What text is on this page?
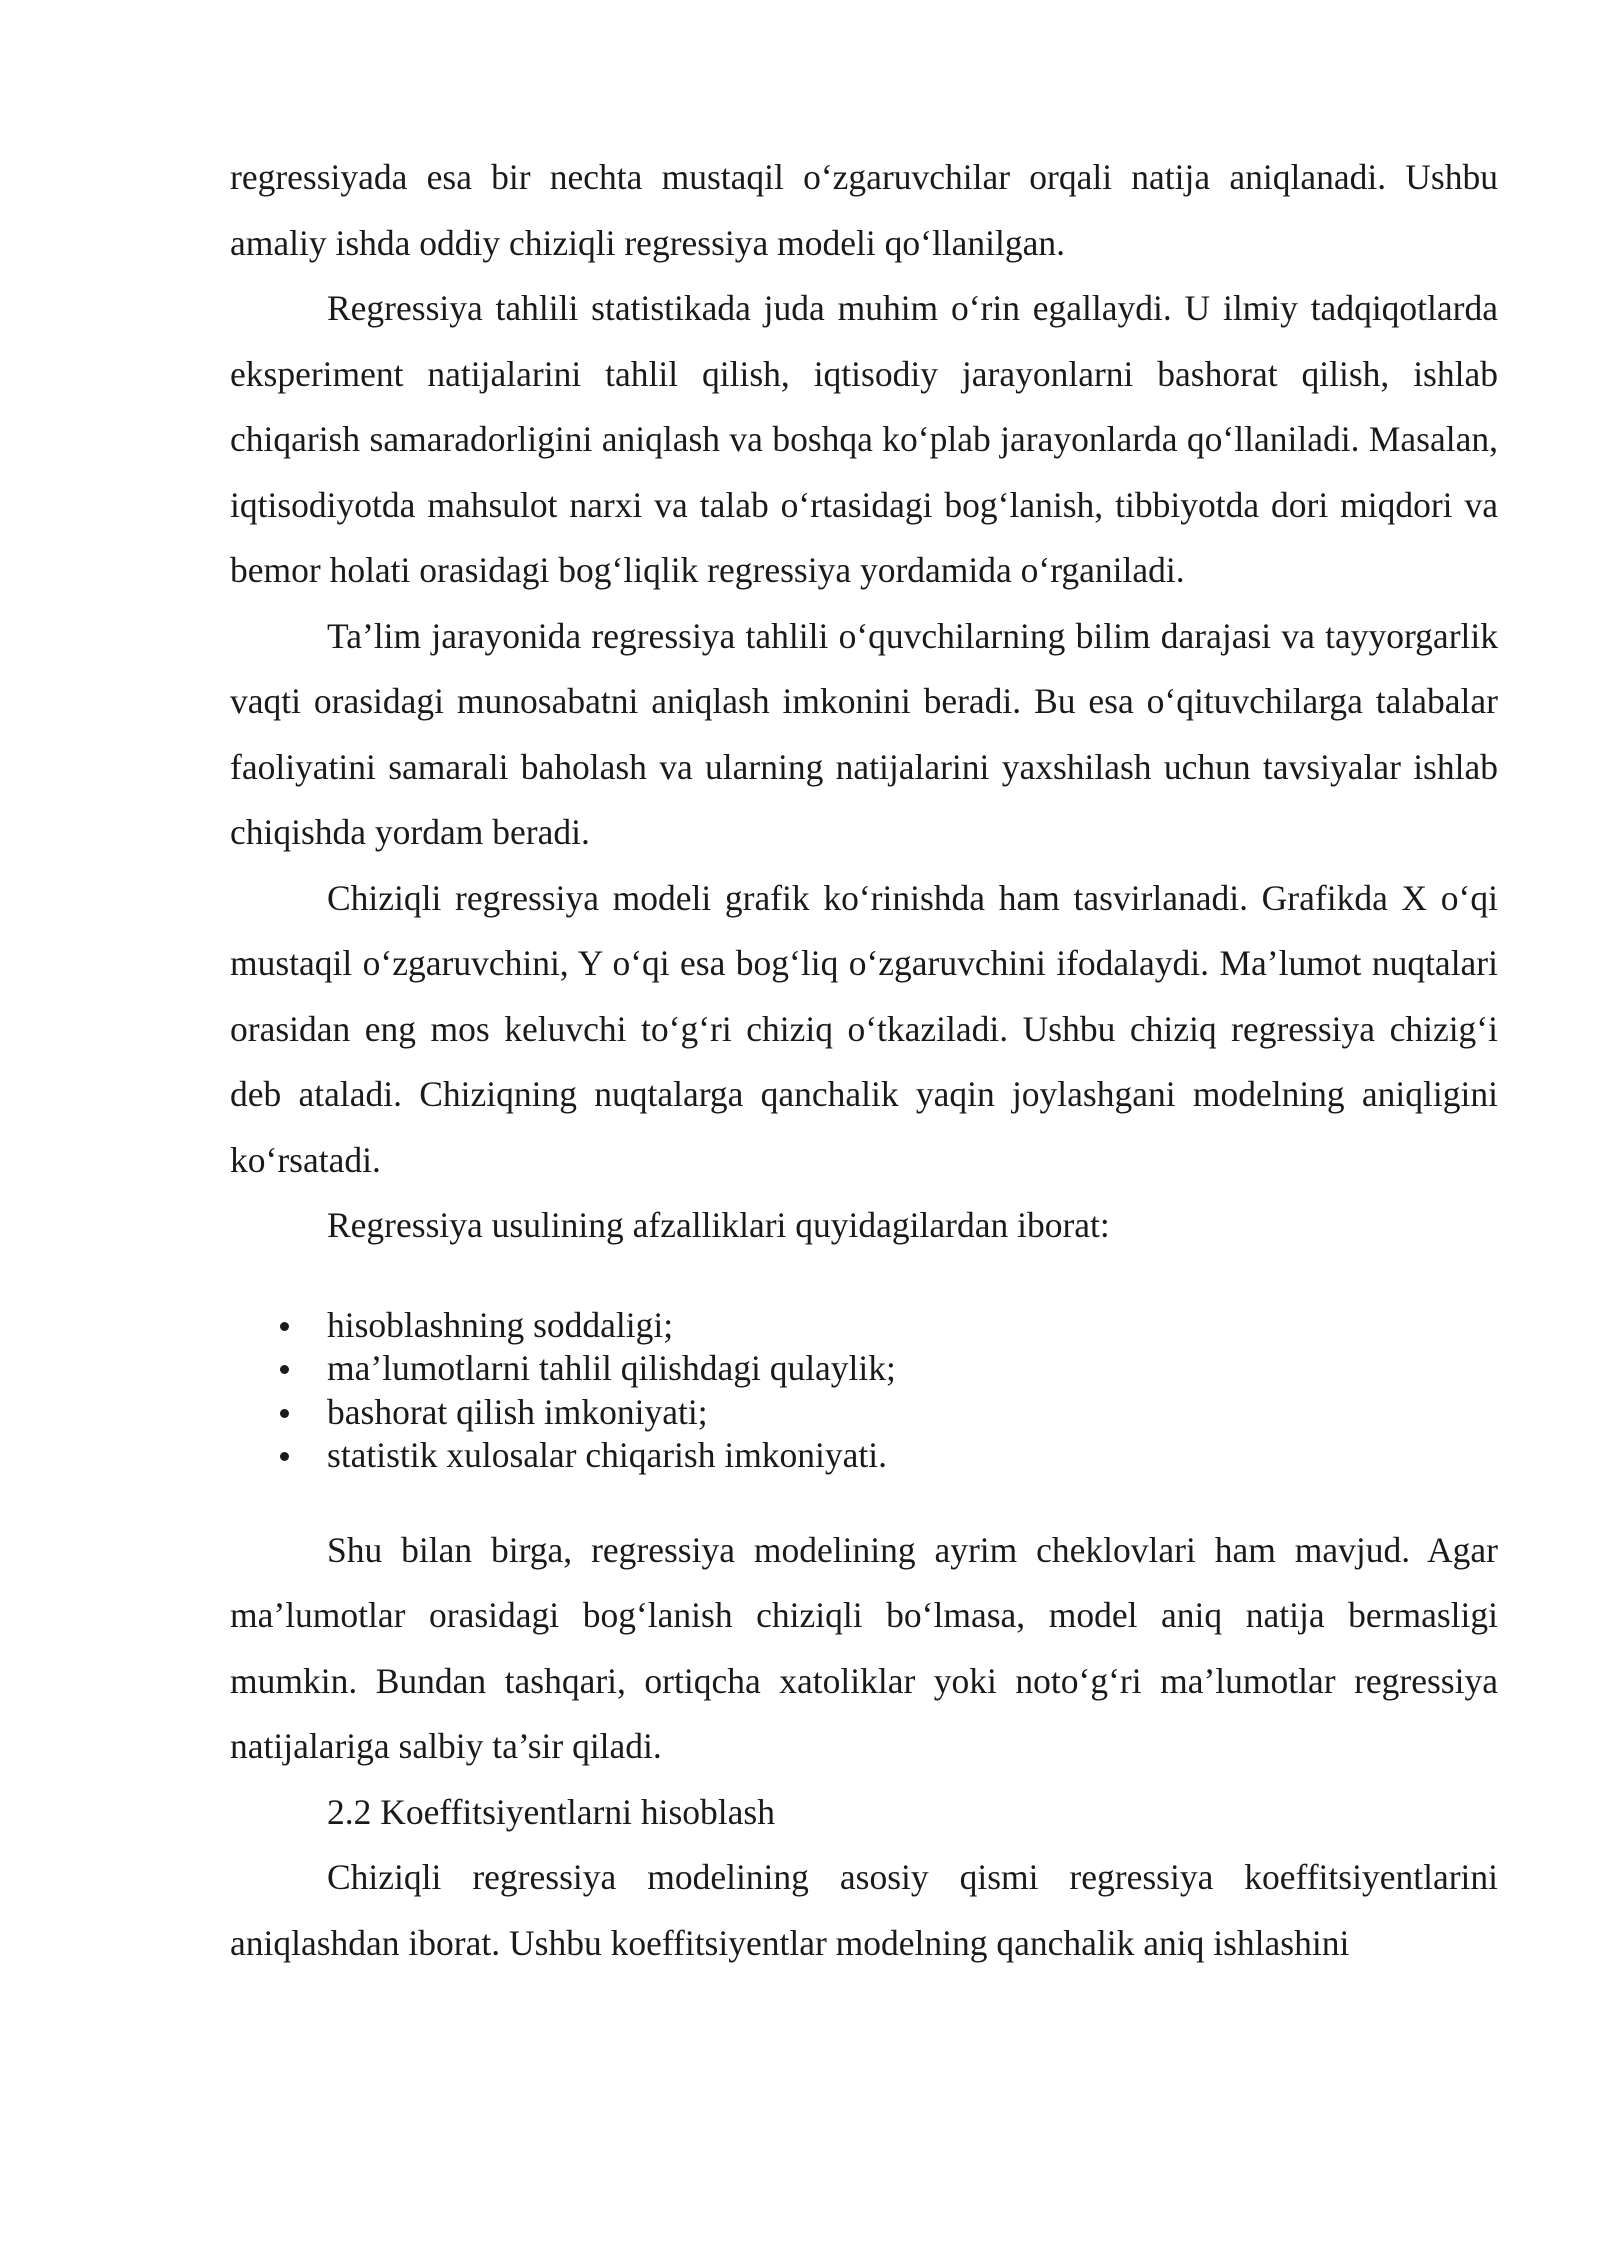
regressiyada esa bir nechta mustaqil o‘zgaruvchilar orqali natija aniqlanadi. Ushbu amaliy ishda oddiy chiziqli regressiya modeli qo‘llanilgan.

Regressiya tahlili statistikada juda muhim o‘rin egallaydi. U ilmiy tadqiqotlarda eksperiment natijalarini tahlil qilish, iqtisodiy jarayonlarni bashorat qilish, ishlab chiqarish samaradorligini aniqlash va boshqa ko‘plab jarayonlarda qo‘llaniladi. Masalan, iqtisodiyotda mahsulot narxi va talab o‘rtasidagi bog‘lanish, tibbiyotda dori miqdori va bemor holati orasidagi bog‘liqlik regressiya yordamida o‘rganiladi.

Ta’lim jarayonida regressiya tahlili o‘quvchilarning bilim darajasi va tayyorgarlik vaqti orasidagi munosabatni aniqlash imkonini beradi. Bu esa o‘qituvchilarga talabalar faoliyatini samarali baholash va ularning natijalarini yaxshilash uchun tavsiyalar ishlab chiqishda yordam beradi.

Chiziqli regressiya modeli grafik ko‘rinishda ham tasvirlanadi. Grafikda X o‘qi mustaqil o‘zgaruvchini, Y o‘qi esa bog‘liq o‘zgaruvchini ifodalaydi. Ma’lumot nuqtalari orasidan eng mos keluvchi to‘g‘ri chiziq o‘tkaziladi. Ushbu chiziq regressiya chizig‘i deb ataladi. Chiziqning nuqtalarga qanchalik yaqin joylashgani modelning aniqligini ko‘rsatadi.

Regressiya usulining afzalliklari quyidagilardan iborat:

hisoblashning soddaligi;
ma’lumotlarni tahlil qilishdagi qulaylik;
bashorat qilish imkoniyati;
statistik xulosalar chiqarish imkoniyati.

Shu bilan birga, regressiya modelining ayrim cheklovlari ham mavjud. Agar ma’lumotlar orasidagi bog‘lanish chiziqli bo‘lmasa, model aniq natija bermasligi mumkin. Bundan tashqari, ortiqcha xatoliklar yoki noto‘g‘ri ma’lumotlar regressiya natijalariga salbiy ta’sir qiladi.

2.2 Koeffitsiyentlarni hisoblash

Chiziqli regressiya modelining asosiy qismi regressiya koeffitsiyentlarini aniqlashdan iborat. Ushbu koeffitsiyentlar modelning qanchalik aniq ishlashini
